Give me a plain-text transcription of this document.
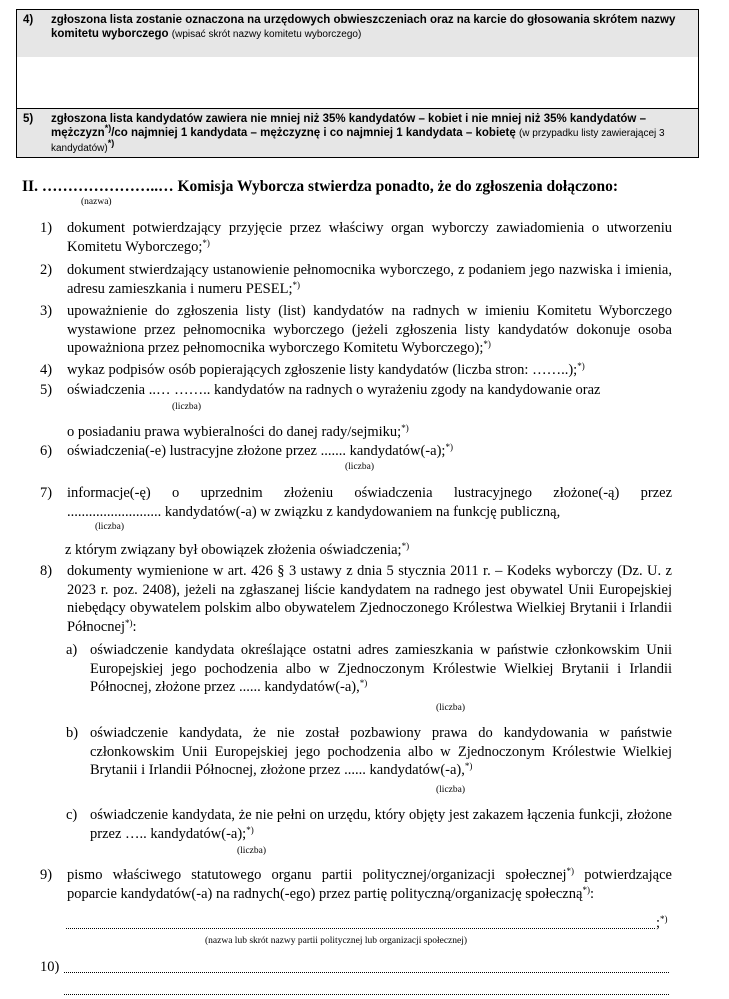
4) zgłoszona lista zostanie oznaczona na urzędowych obwieszczeniach oraz na karcie do głosowania skrótem nazwy komitetu wyborczego (wpisać skrót nazwy komitetu wyborczego)
5) zgłoszona lista kandydatów zawiera nie mniej niż 35% kandydatów – kobiet i nie mniej niż 35% kandydatów – mężczyzn*)/co najmniej 1 kandydata – mężczyznę i co najmniej 1 kandydata – kobietę (w przypadku listy zawierającej 3 kandydatów)*)
II. …………………..… Komisja Wyborcza stwierdza ponadto, że do zgłoszenia dołączono:
(nazwa)
1) dokument potwierdzający przyjęcie przez właściwy organ wyborczy zawiadomienia o utworzeniu Komitetu Wyborczego;*)
2) dokument stwierdzający ustanowienie pełnomocnika wyborczego, z podaniem jego nazwiska i imienia, adresu zamieszkania i numeru PESEL;*)
3) upoważnienie do zgłoszenia listy (list) kandydatów na radnych w imieniu Komitetu Wyborczego wystawione przez pełnomocnika wyborczego (jeżeli zgłoszenia listy kandydatów dokonuje osoba upoważniona przez pełnomocnika wyborczego Komitetu Wyborczego);*)
4) wykaz podpisów osób popierających zgłoszenie listy kandydatów (liczba stron: ……..);*)
5) oświadczenia ..… …….. kandydatów na radnych o wyrażeniu zgody na kandydowanie oraz
(liczba)
o posiadaniu prawa wybieralności do danej rady/sejmiku;*)
6) oświadczenia(-e) lustracyjne złożone przez ....... kandydatów(-a);*)
(liczba)
7) informacje(-ę) o uprzednim złożeniu oświadczenia lustracyjnego złożone(-ą) przez
.......................... kandydatów(-a) w związku z kandydowaniem na funkcję publiczną,
(liczba)
z którym związany był obowiązek złożenia oświadczenia;*)
8) dokumenty wymienione w art. 426 § 3 ustawy z dnia 5 stycznia 2011 r. – Kodeks wyborczy (Dz. U. z 2023 r. poz. 2408), jeżeli na zgłaszanej liście kandydatem na radnego jest obywatel Unii Europejskiej niebędący obywatelem polskim albo obywatelem Zjednoczonego Królestwa Wielkiej Brytanii i Irlandii Północnej*):
a) oświadczenie kandydata określające ostatni adres zamieszkania w państwie członkowskim Unii Europejskiej jego pochodzenia albo w Zjednoczonym Królestwie Wielkiej Brytanii i Irlandii Północnej, złożone przez ...... kandydatów(-a),*)
(liczba)
b) oświadczenie kandydata, że nie został pozbawiony prawa do kandydowania w państwie członkowskim Unii Europejskiej jego pochodzenia albo w Zjednoczonym Królestwie Wielkiej Brytanii i Irlandii Północnej, złożone przez ...... kandydatów(-a),*)
(liczba)
c) oświadczenie kandydata, że nie pełni on urzędu, który objęty jest zakazem łączenia funkcji, złożone przez ….. kandydatów(-a);*)
(liczba)
9) pismo właściwego statutowego organu partii politycznej/organizacji społecznej*) potwierdzające poparcie kandydatów(-a) na radnych(-ego) przez partię polityczną/organizację społeczną*):
;*)
(nazwa lub skrót nazwy partii politycznej lub organizacji społecznej)
10)
